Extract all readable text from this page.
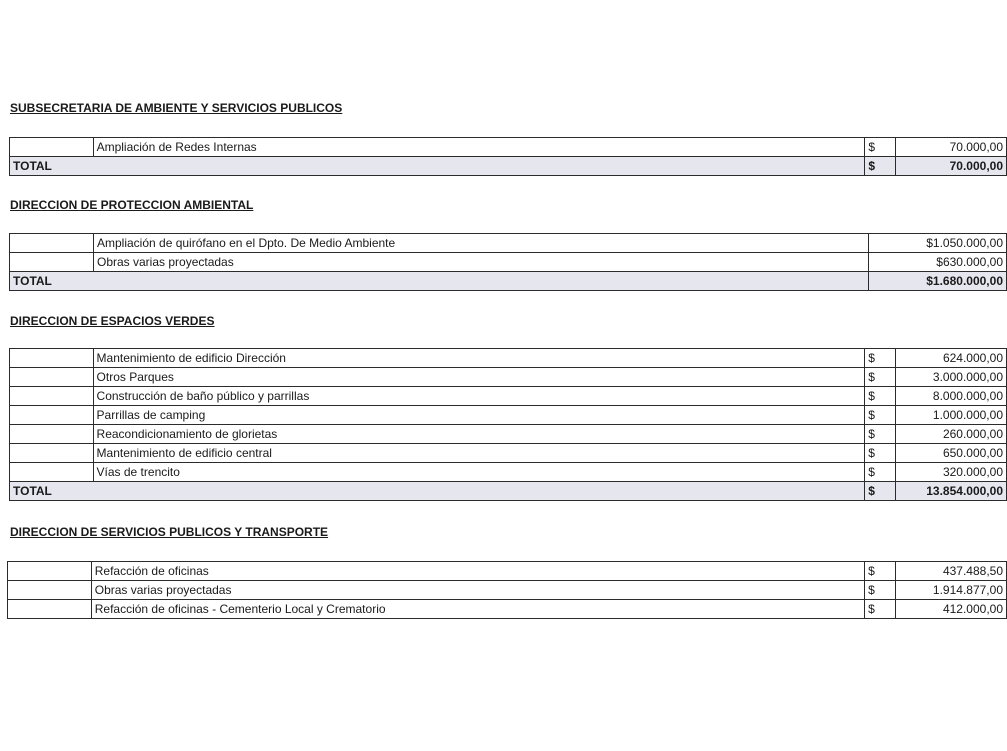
SUBSECRETARIA DE AMBIENTE Y SERVICIOS PUBLICOS
	Ampliación de Redes Internas	$	70.000,00
TOTAL		$	70.000,00
DIRECCION DE PROTECCION AMBIENTAL
	Ampliación de quirófano en el Dpto. De Medio Ambiente	$1.050.000,00
	Obras varias proyectadas	$630.000,00
TOTAL		$1.680.000,00
DIRECCION DE ESPACIOS VERDES
	Mantenimiento de edificio Dirección	$	624.000,00
	Otros Parques	$	3.000.000,00
	Construcción de baño público y parrillas	$	8.000.000,00
	Parrillas de camping	$	1.000.000,00
	Reacondicionamiento de glorietas	$	260.000,00
	Mantenimiento de edificio central	$	650.000,00
	Vías de trencito	$	320.000,00
TOTAL		$	13.854.000,00
DIRECCION DE SERVICIOS PUBLICOS Y TRANSPORTE
	Refacción de oficinas	$	437.488,50
	Obras varias proyectadas	$	1.914.877,00
	Refacción de oficinas - Cementerio Local y Crematorio	$	412.000,00
